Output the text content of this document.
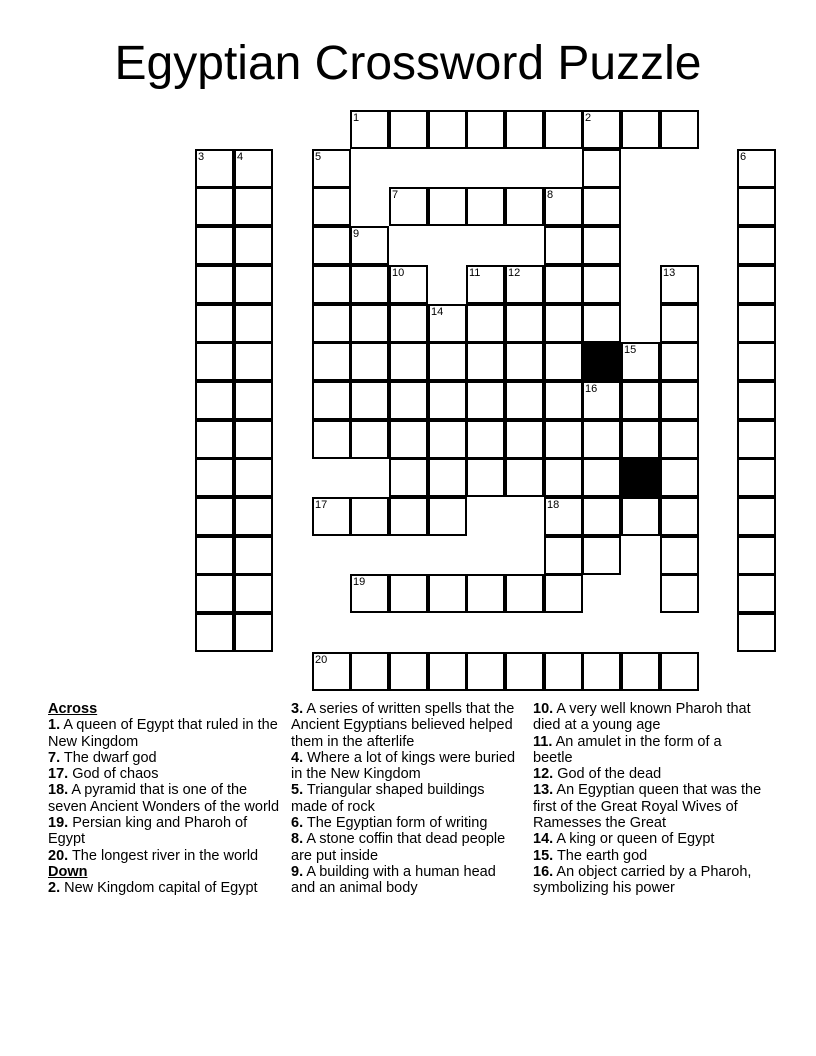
Egyptian Crossword Puzzle
1	2
3	4	5	6
7	8
9
10	11	12	13
14
15
16
17	18
19
20
Across
1. A queen of Egypt that ruled in the New Kingdom
7. The dwarf god
17. God of chaos
18. A pyramid that is one of the seven Ancient Wonders of the world
19. Persian king and Pharoh of Egypt
20. The longest river in the world
Down
2. New Kingdom capital of Egypt
3. A series of written spells that the Ancient Egyptians believed helped them in the afterlife
4. Where a lot of kings were buried in the New Kingdom
5. Triangular shaped buildings made of rock
6. The Egyptian form of writing
8. A stone coffin that dead people are put inside
9. A building with a human head and an animal body
10. A very well known Pharoh that died at a young age
11. An amulet in the form of a beetle
12. God of the dead
13. An Egyptian queen that was the first of the Great Royal Wives of Ramesses the Great
14. A king or queen of Egypt
15. The earth god
16. An object carried by a Pharoh, symbolizing his power
